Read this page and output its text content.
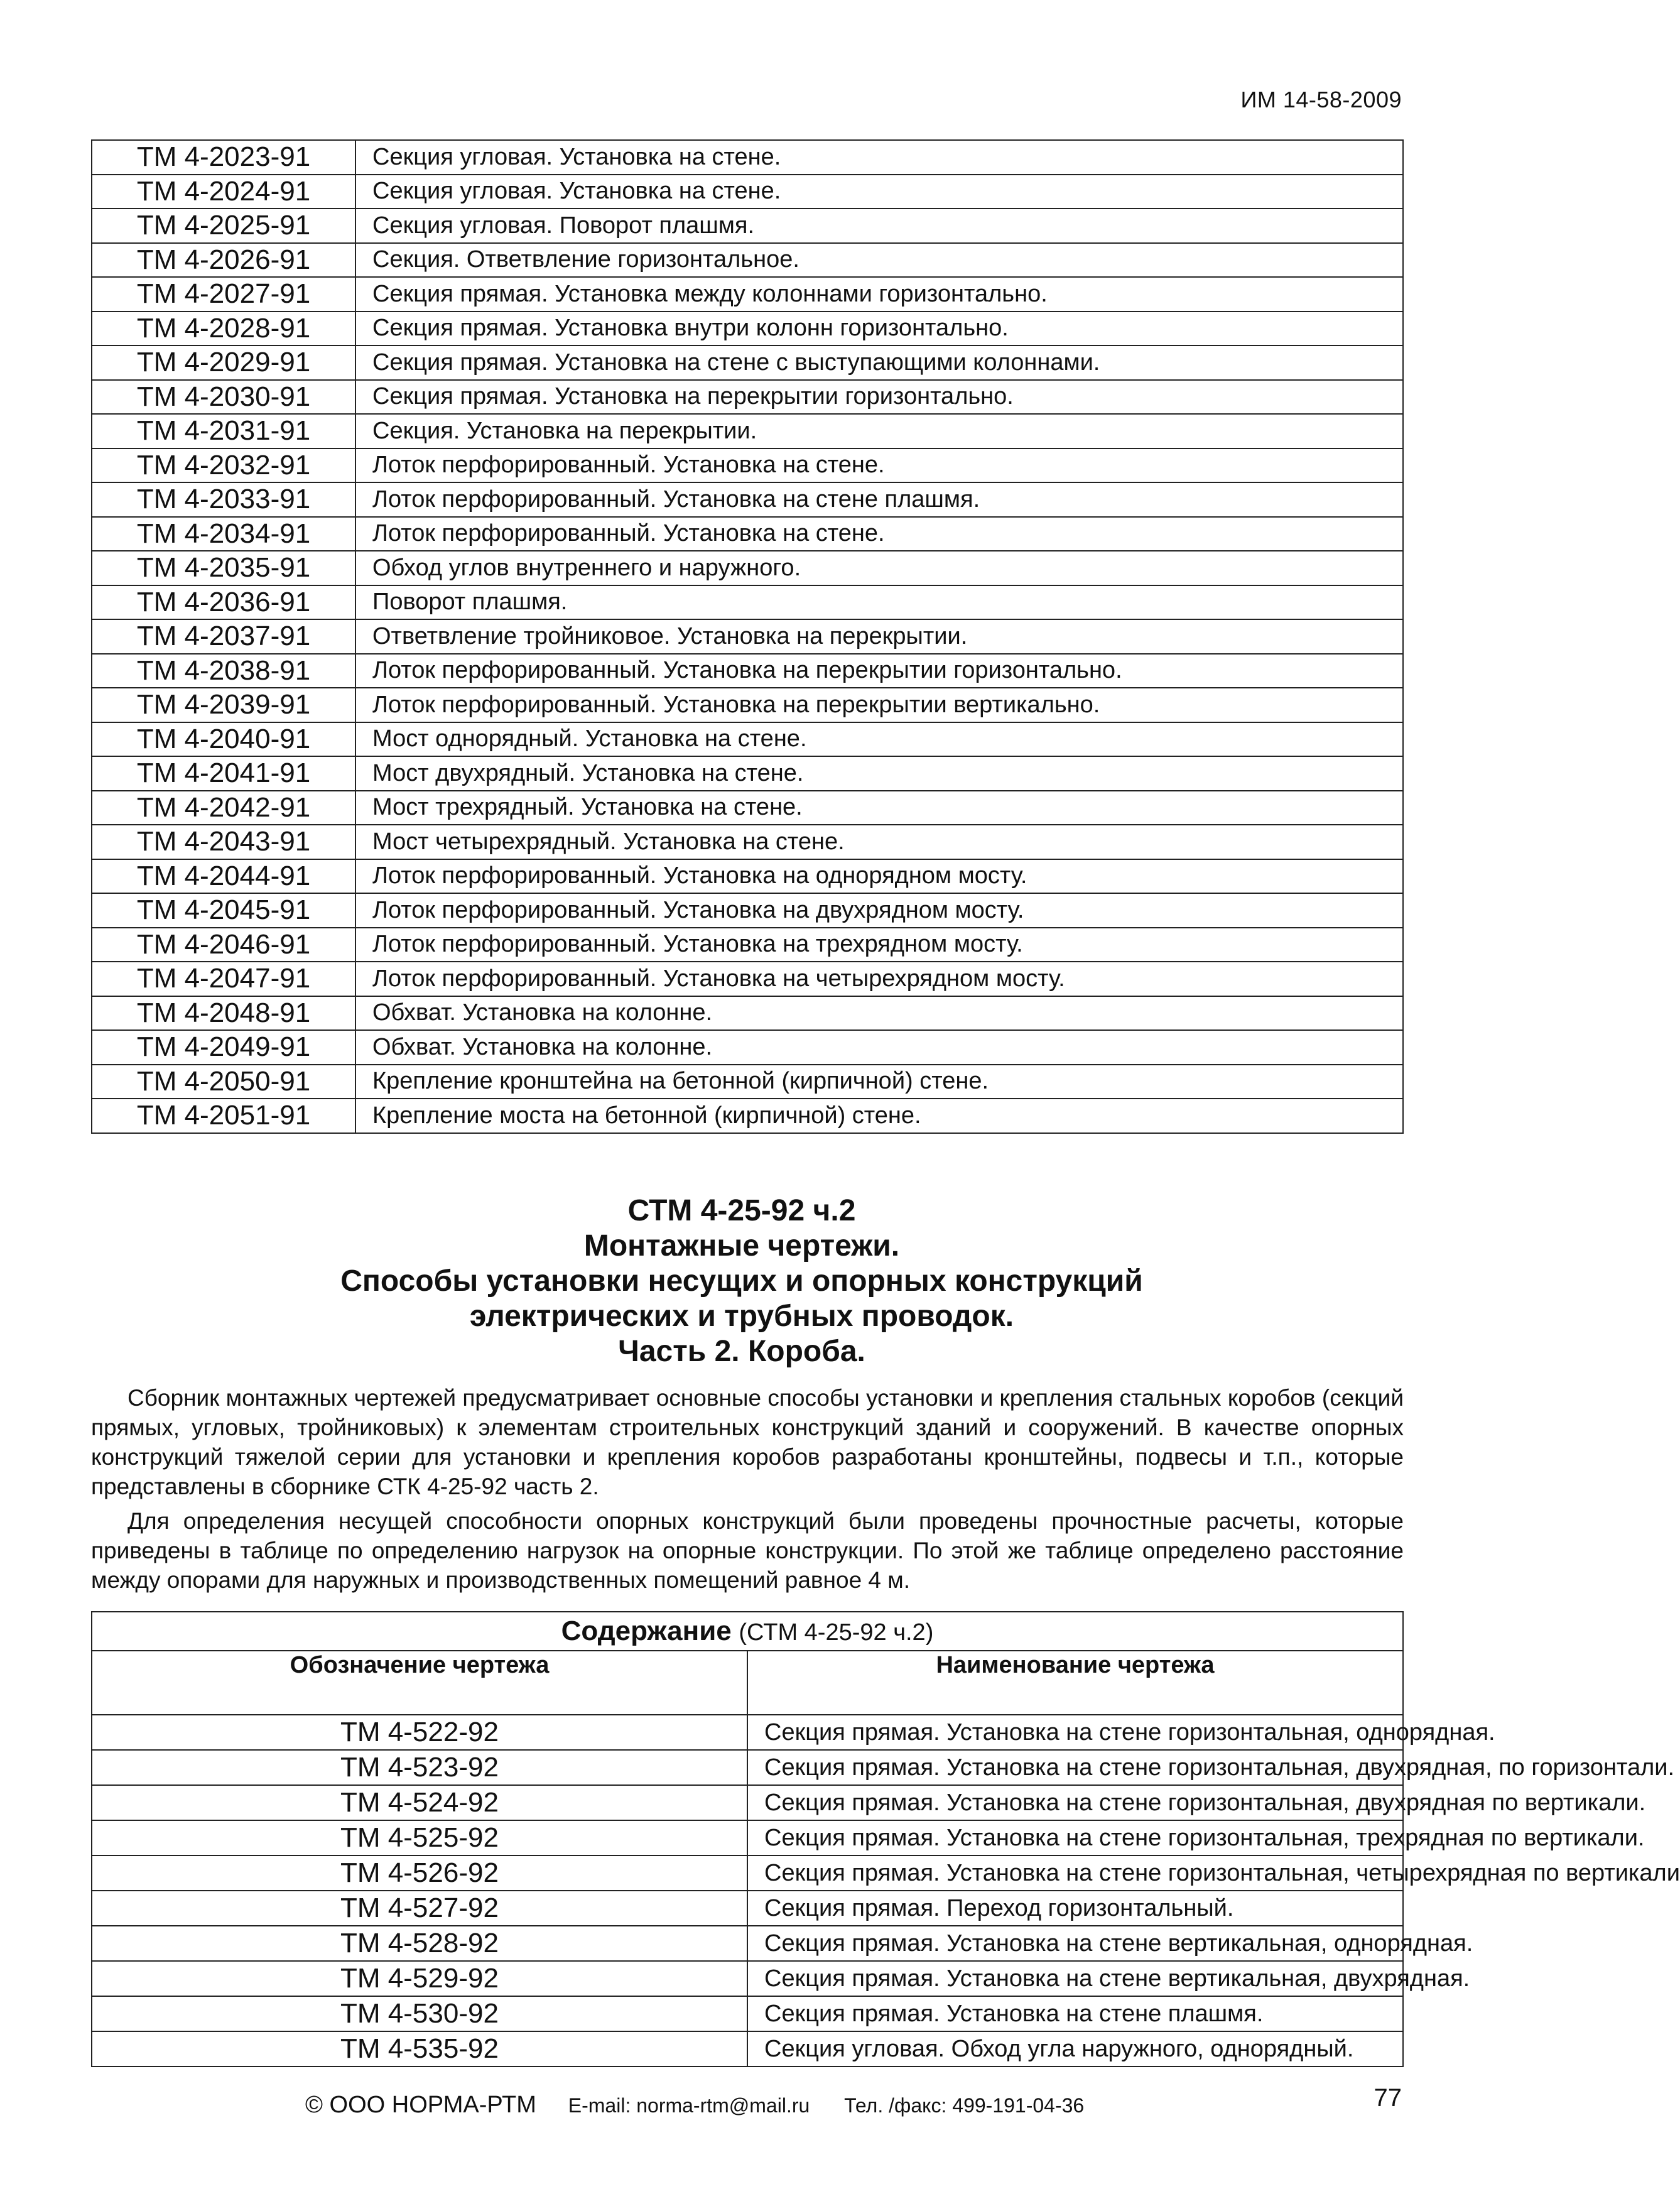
ИМ 14-58-2009
ТМ 4-2023-91	Секция угловая. Установка на стене.
ТМ 4-2024-91	Секция угловая. Установка на стене.
ТМ 4-2025-91	Секция угловая. Поворот плашмя.
ТМ 4-2026-91	Секция. Ответвление горизонтальное.
ТМ 4-2027-91	Секция прямая. Установка между колоннами горизонтально.
ТМ 4-2028-91	Секция прямая. Установка внутри колонн горизонтально.
ТМ 4-2029-91	Секция прямая. Установка на стене с выступающими колоннами.
ТМ 4-2030-91	Секция прямая. Установка на перекрытии горизонтально.
ТМ 4-2031-91	Секция. Установка на перекрытии.
ТМ 4-2032-91	Лоток перфорированный. Установка на стене.
ТМ 4-2033-91	Лоток перфорированный. Установка на стене плашмя.
ТМ 4-2034-91	Лоток перфорированный. Установка на стене.
ТМ 4-2035-91	Обход углов внутреннего и наружного.
ТМ 4-2036-91	Поворот плашмя.
ТМ 4-2037-91	Ответвление тройниковое. Установка на перекрытии.
ТМ 4-2038-91	Лоток перфорированный. Установка на перекрытии горизонтально.
ТМ 4-2039-91	Лоток перфорированный. Установка на перекрытии вертикально.
ТМ 4-2040-91	Мост однорядный. Установка на стене.
ТМ 4-2041-91	Мост двухрядный. Установка на стене.
ТМ 4-2042-91	Мост трехрядный. Установка на стене.
ТМ 4-2043-91	Мост четырехрядный. Установка на стене.
ТМ 4-2044-91	Лоток перфорированный. Установка на однорядном мосту.
ТМ 4-2045-91	Лоток перфорированный. Установка на двухрядном мосту.
ТМ 4-2046-91	Лоток перфорированный. Установка на трехрядном мосту.
ТМ 4-2047-91	Лоток перфорированный. Установка на четырехрядном мосту.
ТМ 4-2048-91	Обхват. Установка на колонне.
ТМ 4-2049-91	Обхват. Установка на колонне.
ТМ 4-2050-91	Крепление кронштейна на бетонной (кирпичной) стене.
ТМ 4-2051-91	Крепление моста на бетонной (кирпичной) стене.
СТМ 4-25-92 ч.2
Монтажные чертежи.
Способы установки несущих и опорных конструкций
электрических и трубных проводок.
Часть 2. Короба.
Сборник монтажных чертежей предусматривает основные способы установки и крепления стальных коробов (секций прямых, угловых, тройниковых) к элементам строительных конструкций зданий и сооружений. В качестве опорных конструкций тяжелой серии для установки и крепления коробов разработаны кронштейны, подвесы и т.п., которые представлены в сборнике СТК 4-25-92 часть 2.
Для определения несущей способности опорных конструкций были проведены прочностные расчеты, которые приведены в таблице по определению нагрузок на опорные конструкции. По этой же таблице определено расстояние между опорами для наружных и производственных помещений равное 4 м.
Содержание (СТМ 4-25-92 ч.2)	
Обозначение чертежа	Наименование чертежа
ТМ 4-522-92	Секция прямая. Установка на стене горизонтальная, однорядная.
ТМ 4-523-92	Секция прямая. Установка на стене горизонтальная, двухрядная, по горизонтали.
ТМ 4-524-92	Секция прямая. Установка на стене горизонтальная, двухрядная по вертикали.
ТМ 4-525-92	Секция прямая. Установка на стене горизонтальная, трехрядная по вертикали.
ТМ 4-526-92	Секция прямая. Установка на стене горизонтальная, четырехрядная по вертикали
ТМ 4-527-92	Секция прямая. Переход горизонтальный.
ТМ 4-528-92	Секция прямая. Установка на стене вертикальная, однорядная.
ТМ 4-529-92	Секция прямая. Установка на стене вертикальная, двухрядная.
ТМ 4-530-92	Секция прямая. Установка на стене плашмя.
ТМ 4-535-92	Секция угловая. Обход угла наружного, однорядный.
© ООО НОРМА-РТМ E-mail: norma-rtm@mail.ru Тел. /факс: 499-191-04-36	77
